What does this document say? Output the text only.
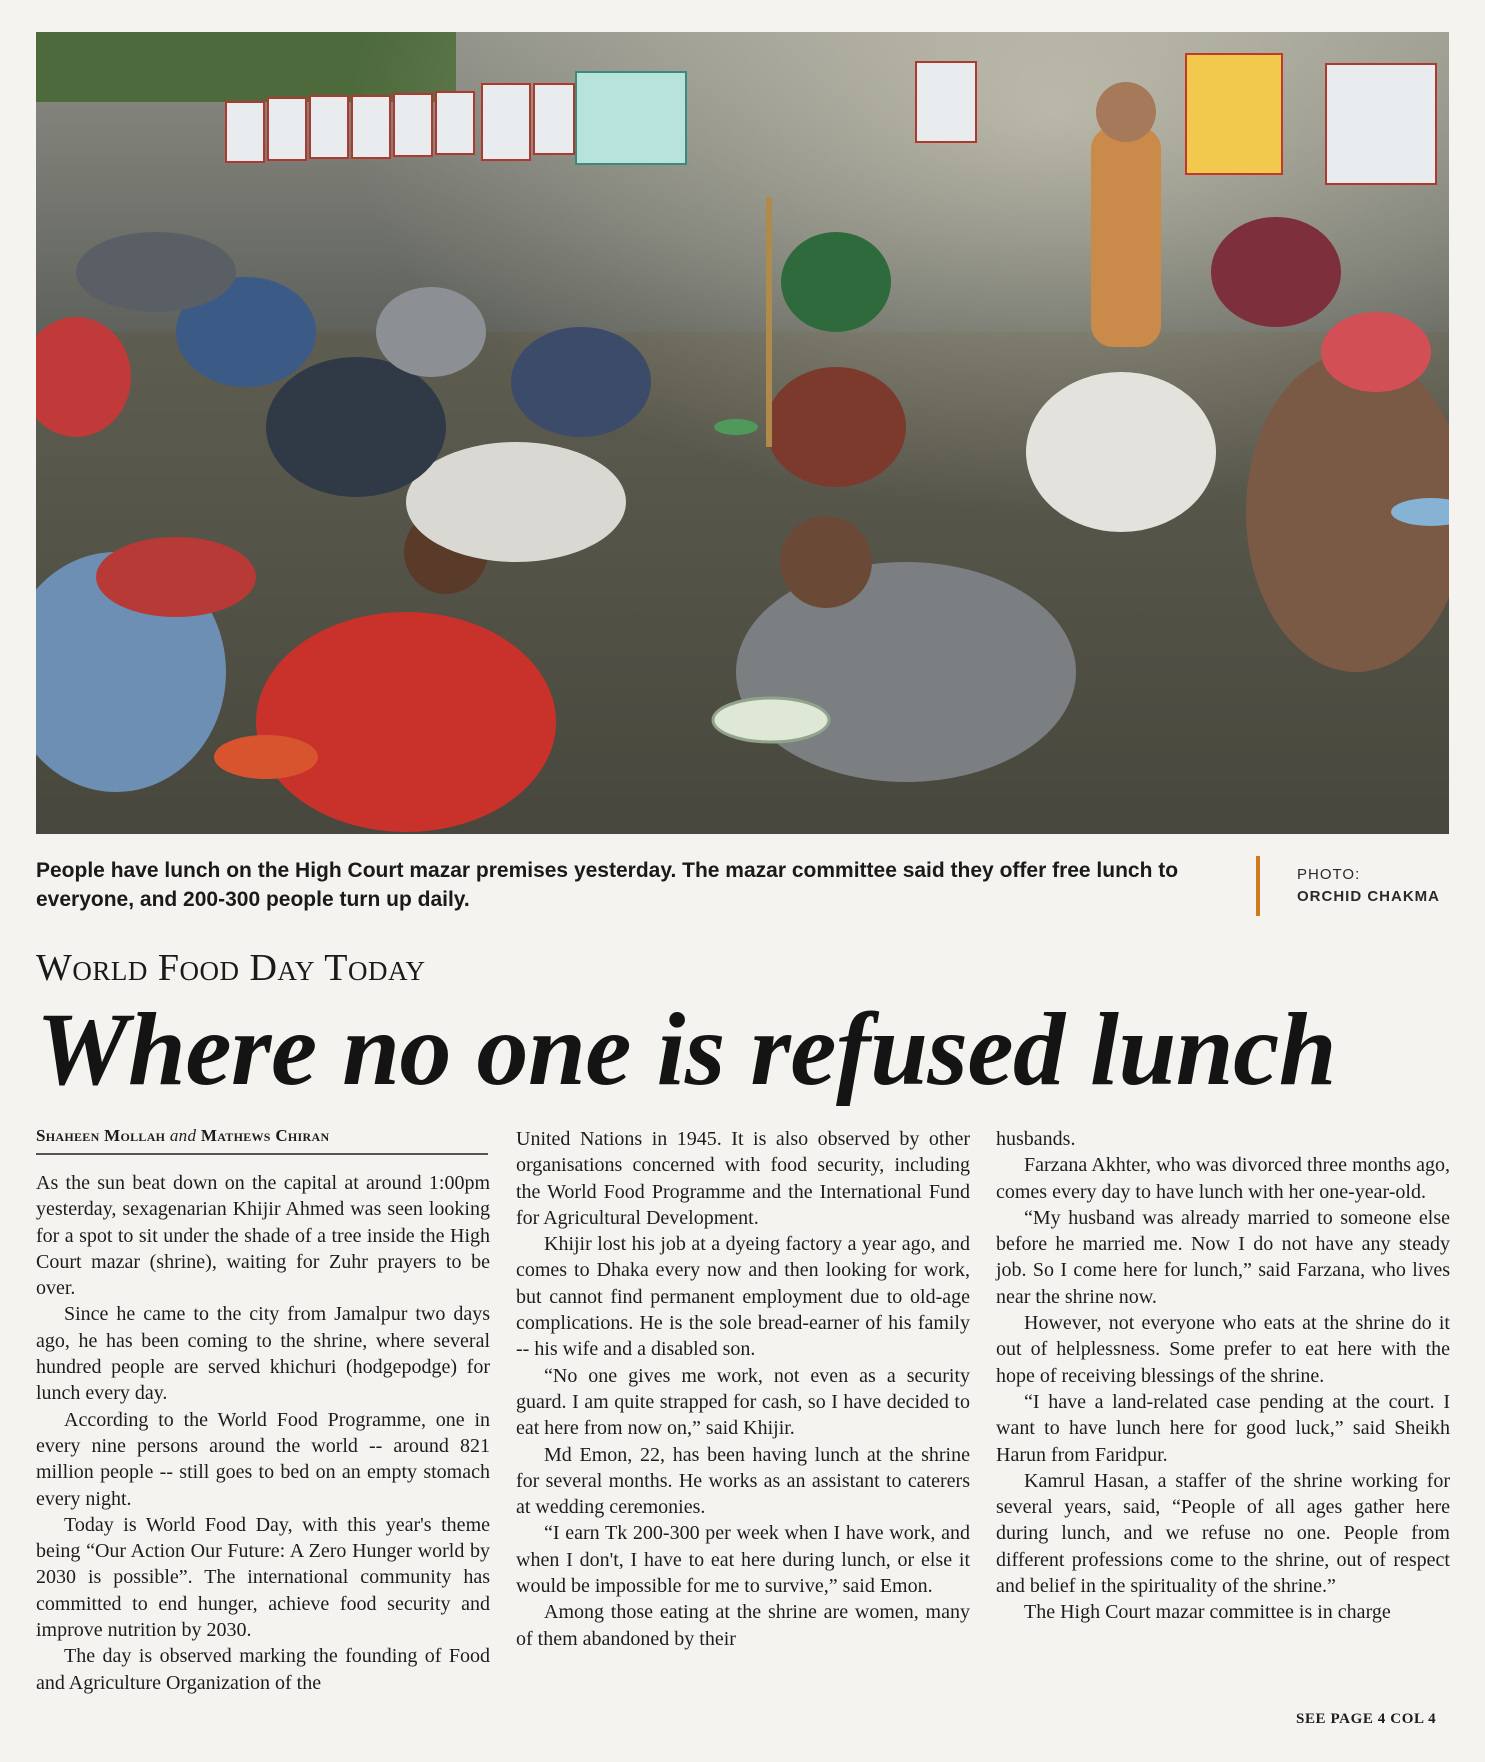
People have lunch on the High Court mazar premises yesterday. The mazar committee said they offer free lunch to everyone, and 200-300 people turn up daily.
PHOTO:
ORCHID CHAKMA
World Food Day Today
Where no one is refused lunch
Shaheen Mollah and Mathews Chiran

As the sun beat down on the capital at around 1:00pm yesterday, sexagenarian Khijir Ahmed was seen looking for a spot to sit under the shade of a tree inside the High Court mazar (shrine), waiting for Zuhr prayers to be over.

Since he came to the city from Jamalpur two days ago, he has been coming to the shrine, where several hundred people are served khichuri (hodgepodge) for lunch every day.

According to the World Food Programme, one in every nine persons around the world -- around 821 million people -- still goes to bed on an empty stomach every night.

Today is World Food Day, with this year's theme being “Our Action Our Future: A Zero Hunger world by 2030 is possible”. The international community has committed to end hunger, achieve food security and improve nutrition by 2030.

The day is observed marking the founding of Food and Agriculture Organization of the

United Nations in 1945. It is also observed by other organisations concerned with food security, including the World Food Programme and the International Fund for Agricultural Development.

Khijir lost his job at a dyeing factory a year ago, and comes to Dhaka every now and then looking for work, but cannot find permanent employment due to old-age complications. He is the sole bread-earner of his family -- his wife and a disabled son.

“No one gives me work, not even as a security guard. I am quite strapped for cash, so I have decided to eat here from now on,” said Khijir.

Md Emon, 22, has been having lunch at the shrine for several months. He works as an assistant to caterers at wedding ceremonies.

“I earn Tk 200-300 per week when I have work, and when I don't, I have to eat here during lunch, or else it would be impossible for me to survive,” said Emon.

Among those eating at the shrine are women, many of them abandoned by their

husbands.

Farzana Akhter, who was divorced three months ago, comes every day to have lunch with her one-year-old.

“My husband was already married to someone else before he married me. Now I do not have any steady job. So I come here for lunch,” said Farzana, who lives near the shrine now.

However, not everyone who eats at the shrine do it out of helplessness. Some prefer to eat here with the hope of receiving blessings of the shrine.

“I have a land-related case pending at the court. I want to have lunch here for good luck,” said Sheikh Harun from Faridpur.

Kamrul Hasan, a staffer of the shrine working for several years, said, “People of all ages gather here during lunch, and we refuse no one. People from different professions come to the shrine, out of respect and belief in the spirituality of the shrine.”

The High Court mazar committee is in charge

SEE PAGE 4 COL 4
